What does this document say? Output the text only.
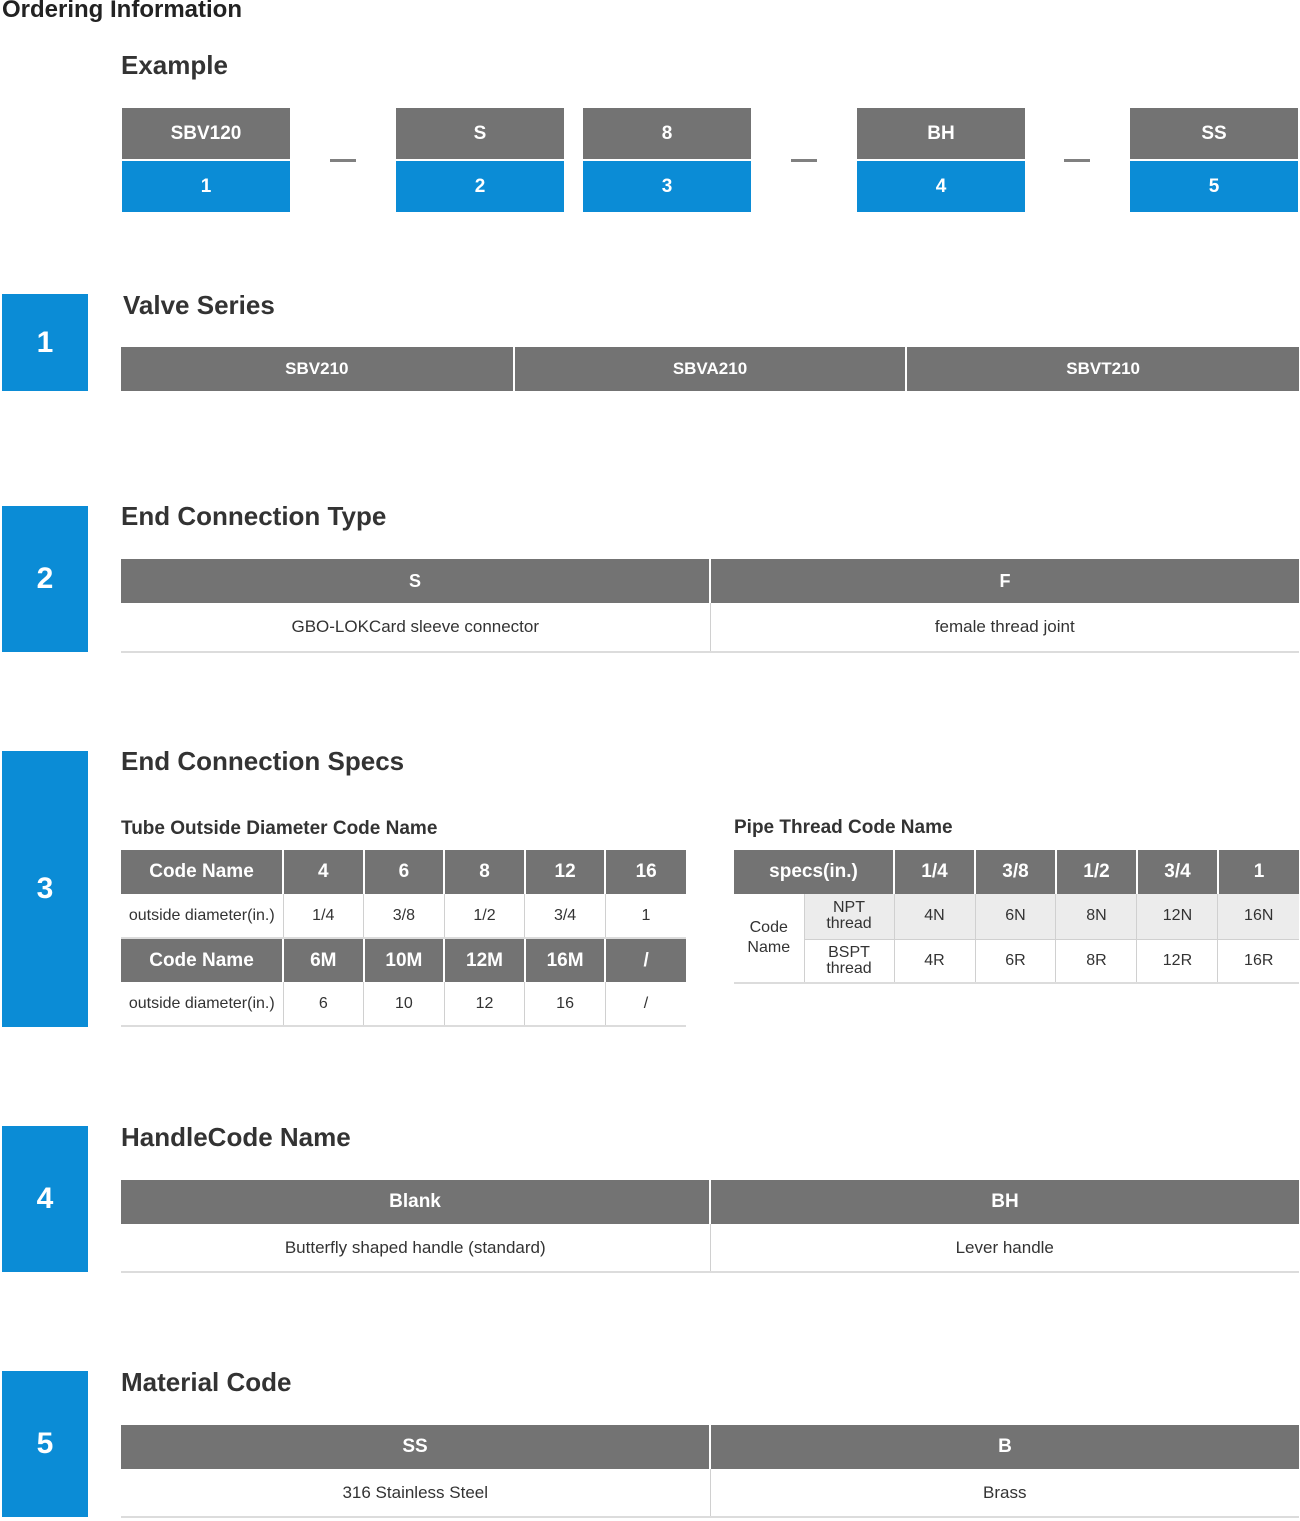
Ordering Information
Example
SBV120
1
S
2
8
3
BH
4
SS
5
1
Valve Series
SBV210	SBVA210	SBVT210
2
End Connection Type
S	F
GBO-LOKCard sleeve connector	female thread joint
3
End Connection Specs
Tube Outside Diameter Code Name
Code Name	4	6	8	12	16
outside diameter(in.)	1/4	3/8	1/2	3/4	1
Code Name	6M	10M	12M	16M	/
outside diameter(in.)	6	10	12	16	/
Pipe Thread Code Name
specs(in.)		1/4	3/8	1/2	3/4	1
Code Name	NPT thread	4N	6N	8N	12N	16N
	BSPT thread	4R	6R	8R	12R	16R
4
HandleCode Name
Blank	BH
Butterfly shaped handle (standard)	Lever handle
5
Material Code
SS	B
316 Stainless Steel	Brass
